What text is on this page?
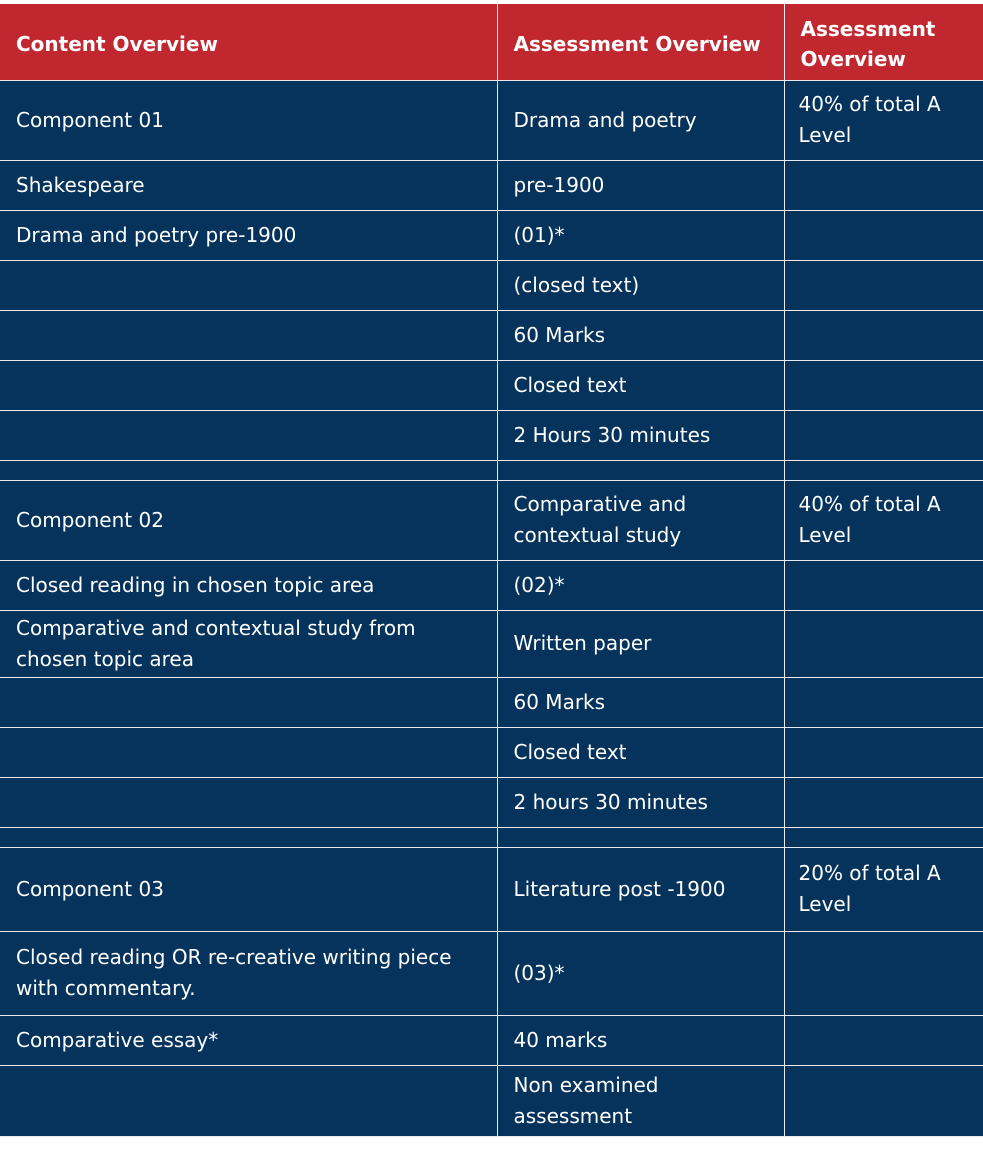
Content Overview	Assessment Overview	Assessment Overview
Component 01	Drama and poetry	40% of total A Level
Shakespeare	pre-1900	
Drama and poetry pre-1900	(01)*	
	(closed text)	
	60 Marks	
	Closed text	
	2 Hours 30 minutes	

Component 02	Comparative and contextual study	40% of total A Level
Closed reading in chosen topic area	(02)*	
Comparative and contextual study from chosen topic area	Written paper	
	60 Marks	
	Closed text	
	2 hours 30 minutes	

Component 03	Literature post -1900	20% of total A Level
Closed reading OR re-creative writing piece with commentary.	(03)*	
Comparative essay*	40 marks	
	Non examined assessment	
